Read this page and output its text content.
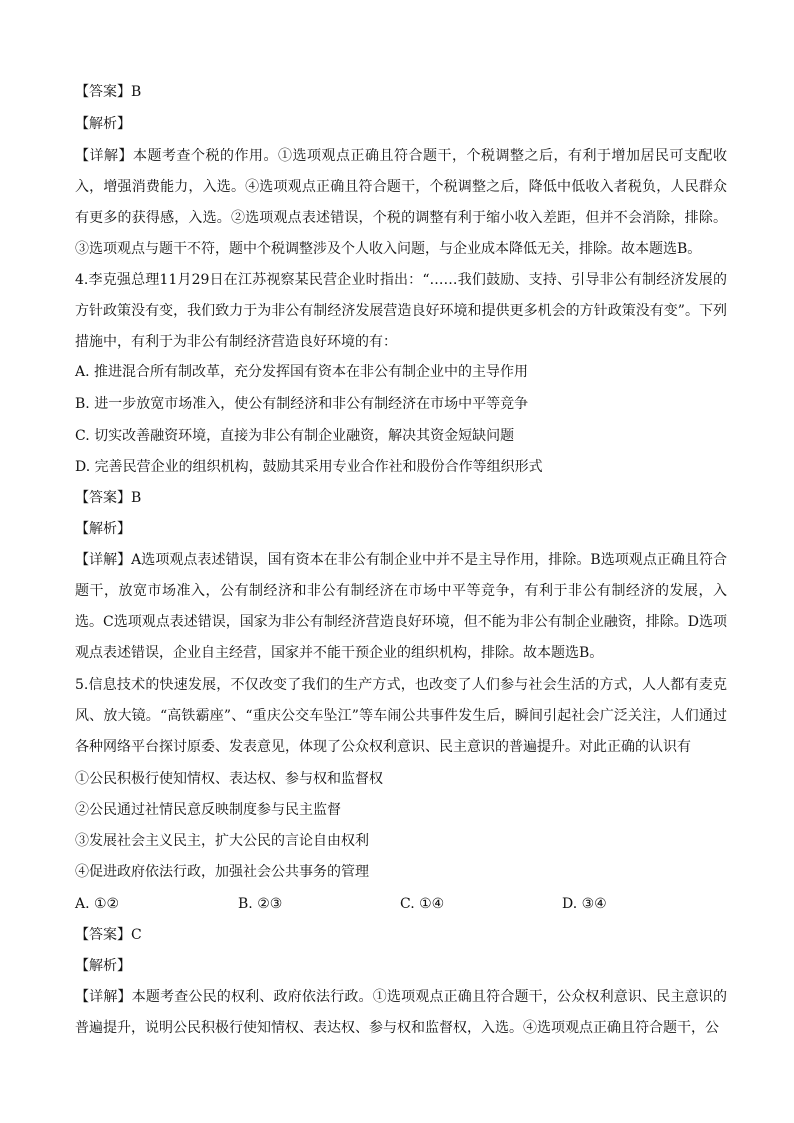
【答案】B

【解析】

【详解】本题考查个税的作用。①选项观点正确且符合题干，个税调整之后，有利于增加居民可支配收入，增强消费能力，入选。④选项观点正确且符合题干，个税调整之后，降低中低收入者税负，人民群众有更多的获得感，入选。②选项观点表述错误，个税的调整有利于缩小收入差距，但并不会消除，排除。③选项观点与题干不符，题中个税调整涉及个人收入问题，与企业成本降低无关，排除。故本题选B。

4.李克强总理11月29日在江苏视察某民营企业时指出：“……我们鼓励、支持、引导非公有制经济发展的方针政策没有变，我们致力于为非公有制经济发展营造良好环境和提供更多机会的方针政策没有变”。下列措施中，有利于为非公有制经济营造良好环境的有：

A. 推进混合所有制改革，充分发挥国有资本在非公有制企业中的主导作用

B. 进一步放宽市场准入，使公有制经济和非公有制经济在市场中平等竞争

C. 切实改善融资环境，直接为非公有制企业融资，解决其资金短缺问题

D. 完善民营企业的组织机构，鼓励其采用专业合作社和股份合作等组织形式

【答案】B

【解析】

【详解】A选项观点表述错误，国有资本在非公有制企业中并不是主导作用，排除。B选项观点正确且符合题干，放宽市场准入，公有制经济和非公有制经济在市场中平等竞争，有利于非公有制经济的发展，入选。C选项观点表述错误，国家为非公有制经济营造良好环境，但不能为非公有制企业融资，排除。D选项观点表述错误，企业自主经营，国家并不能干预企业的组织机构，排除。故本题选B。

5.信息技术的快速发展，不仅改变了我们的生产方式，也改变了人们参与社会生活的方式，人人都有麦克风、放大镜。“高铁霸座”、“重庆公交车坠江”等车闹公共事件发生后，瞬间引起社会广泛关注，人们通过各种网络平台探讨原委、发表意见，体现了公众权利意识、民主意识的普遍提升。对此正确的认识有

①公民积极行使知情权、表达权、参与权和监督权

②公民通过社情民意反映制度参与民主监督

③发展社会主义民主，扩大公民的言论自由权利

④促进政府依法行政，加强社会公共事务的管理

A. ①②	B. ②③	C. ①④	D. ③④

【答案】C

【解析】

【详解】本题考查公民的权利、政府依法行政。①选项观点正确且符合题干，公众权利意识、民主意识的普遍提升，说明公民积极行使知情权、表达权、参与权和监督权，入选。④选项观点正确且符合题干，公
